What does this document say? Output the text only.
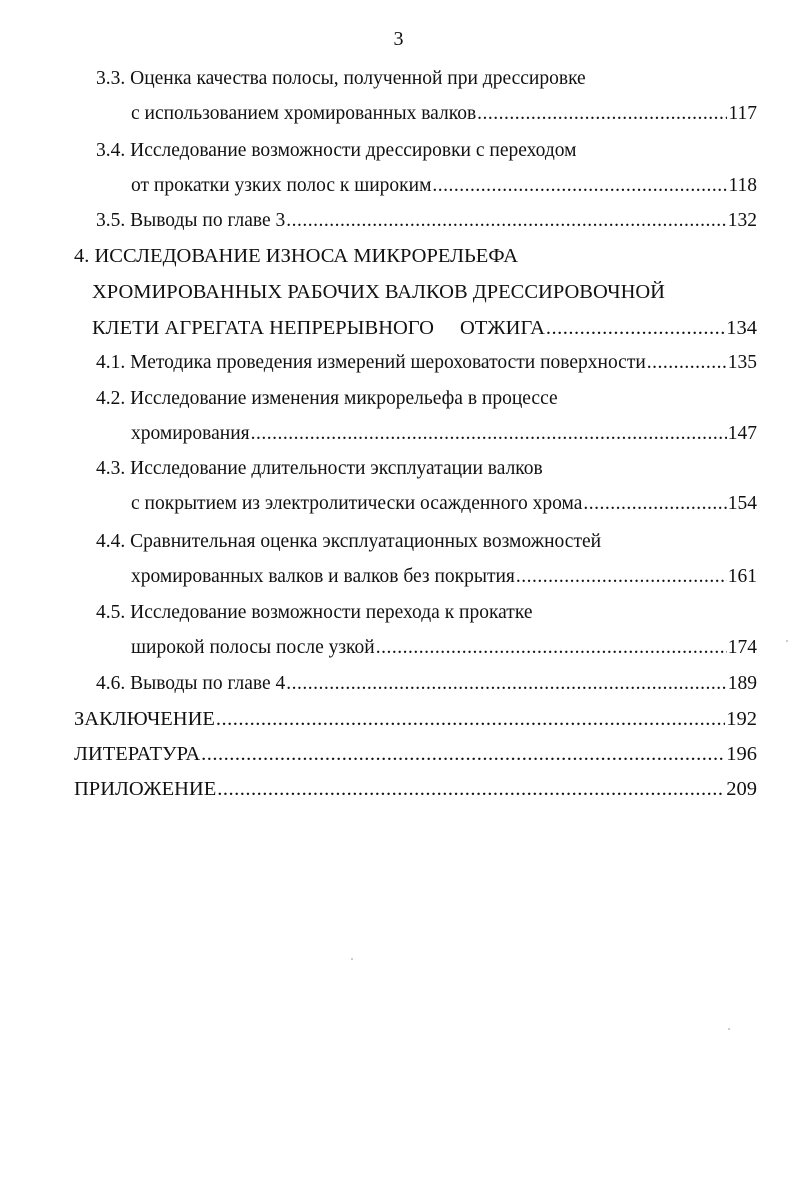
3
3.3. Оценка качества полосы, полученной при дрессировке
с использованием хромированных валков .....	117
3.4. Исследование возможности дрессировки с переходом
от прокатки узких полос к широким .....	118
3.5.
Выводы по главе 3 .....	132
4. ИССЛЕДОВАНИЕ ИЗНОСА МИКРОРЕЛЬЕФА
ХРОМИРОВАННЫХ РАБОЧИХ ВАЛКОВ ДРЕССИРОВОЧНОЙ
КЛЕТИ АГРЕГАТА НЕПРЕРЫВНОГО ОТЖИГА .....	134
4.1.
Методика проведения измерений шероховатости поверхности .....	135
4.2. Исследование изменения микрорельефа в процессе
хромирования .....	147
4.3. Исследование длительности эксплуатации валков
с покрытием из электролитически осажденного хрома .....	154
4.4. Сравнительная оценка эксплуатационных возможностей
хромированных валков и валков без покрытия .....	161
4.5. Исследование возможности перехода к прокатке
широкой полосы после узкой .....	174
4.6.
Выводы по главе 4 .....	189
ЗАКЛЮЧЕНИЕ .....	192
ЛИТЕРАТУРА .....	196
ПРИЛОЖЕНИЕ .....	209
